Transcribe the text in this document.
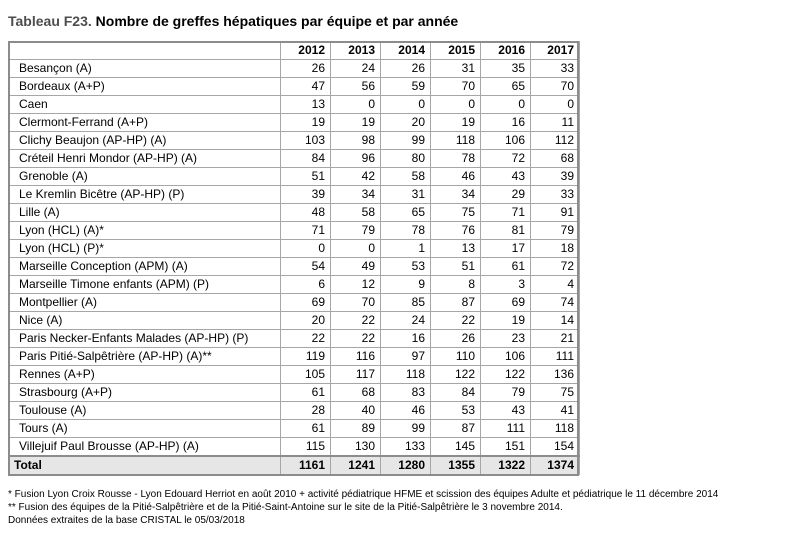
Tableau F23. Nombre de greffes hépatiques par équipe et par année
	2012	2013	2014	2015	2016	2017
Besançon (A)	26	24	26	31	35	33
Bordeaux (A+P)	47	56	59	70	65	70
Caen	13	0	0	0	0	0
Clermont-Ferrand (A+P)	19	19	20	19	16	11
Clichy Beaujon (AP-HP) (A)	103	98	99	118	106	112
Créteil Henri Mondor (AP-HP) (A)	84	96	80	78	72	68
Grenoble (A)	51	42	58	46	43	39
Le Kremlin Bicêtre (AP-HP) (P)	39	34	31	34	29	33
Lille (A)	48	58	65	75	71	91
Lyon (HCL) (A)*	71	79	78	76	81	79
Lyon (HCL) (P)*	0	0	1	13	17	18
Marseille Conception (APM) (A)	54	49	53	51	61	72
Marseille Timone enfants (APM) (P)	6	12	9	8	3	4
Montpellier (A)	69	70	85	87	69	74
Nice (A)	20	22	24	22	19	14
Paris Necker-Enfants Malades (AP-HP) (P)	22	22	16	26	23	21
Paris Pitié-Salpêtrière (AP-HP) (A)**	119	116	97	110	106	111
Rennes (A+P)	105	117	118	122	122	136
Strasbourg (A+P)	61	68	83	84	79	75
Toulouse (A)	28	40	46	53	43	41
Tours (A)	61	89	99	87	111	118
Villejuif Paul Brousse (AP-HP) (A)	115	130	133	145	151	154
Total	1161	1241	1280	1355	1322	1374
* Fusion Lyon Croix Rousse - Lyon Edouard Herriot en août 2010 + activité pédiatrique HFME et scission des équipes Adulte et pédiatrique le 11 décembre 2014
** Fusion des équipes de la Pitié-Salpêtrière et de la Pitié-Saint-Antoine sur le site de la Pitié-Salpêtrière le 3 novembre 2014.
Données extraites de la base CRISTAL le 05/03/2018
